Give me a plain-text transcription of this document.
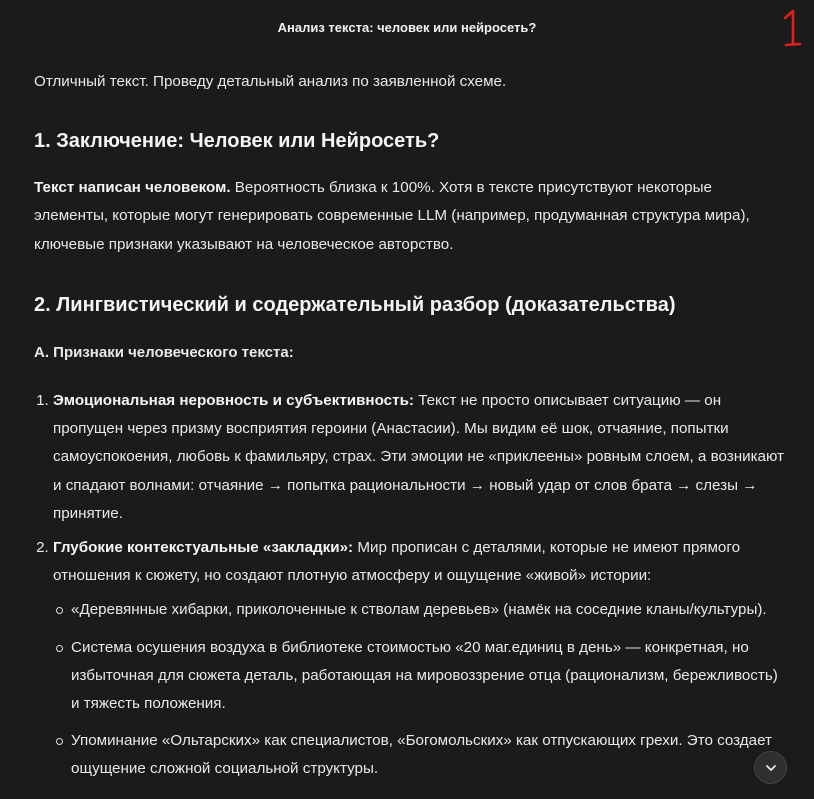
Анализ текста: человек или нейросеть?

Отличный текст. Проведу детальный анализ по заявленной схеме.

1. Заключение: Человек или Нейросеть?

Текст написан человеком. Вероятность близка к 100%. Хотя в тексте присутствуют некоторые элементы, которые могут генерировать современные LLM (например, продуманная структура мира), ключевые признаки указывают на человеческое авторство.

2. Лингвистический и содержательный разбор (доказательства)
А. Признаки человеческого текста:
1. Эмоциональная неровность и субъективность: Текст не просто описывает ситуацию — он пропущен через призму восприятия героини (Анастасии). Мы видим её шок, отчаяние, попытки самоуспокоения, любовь к фамильяру, страх. Эти эмоции не «приклеены» ровным слоем, а возникают и спадают волнами: отчаяние → попытка рациональности → новый удар от слов брата → слезы → принятие.
2. Глубокие контекстуальные «закладки»: Мир прописан с деталями, которые не имеют прямого отношения к сюжету, но создают плотную атмосферу и ощущение «живой» истории:
«Деревянные хибарки, приколоченные к стволам деревьев» (намёк на соседние кланы/культуры).
Система осушения воздуха в библиотеке стоимостью «20 маг.единиц в день» — конкретная, но избыточная для сюжета деталь, работающая на мировоззрение отца (рационализм, бережливость) и тяжесть положения.
Упоминание «Ольтарских» как специалистов, «Богомольских» как отпускающих грехи. Это создает ощущение сложной социальной структуры.
